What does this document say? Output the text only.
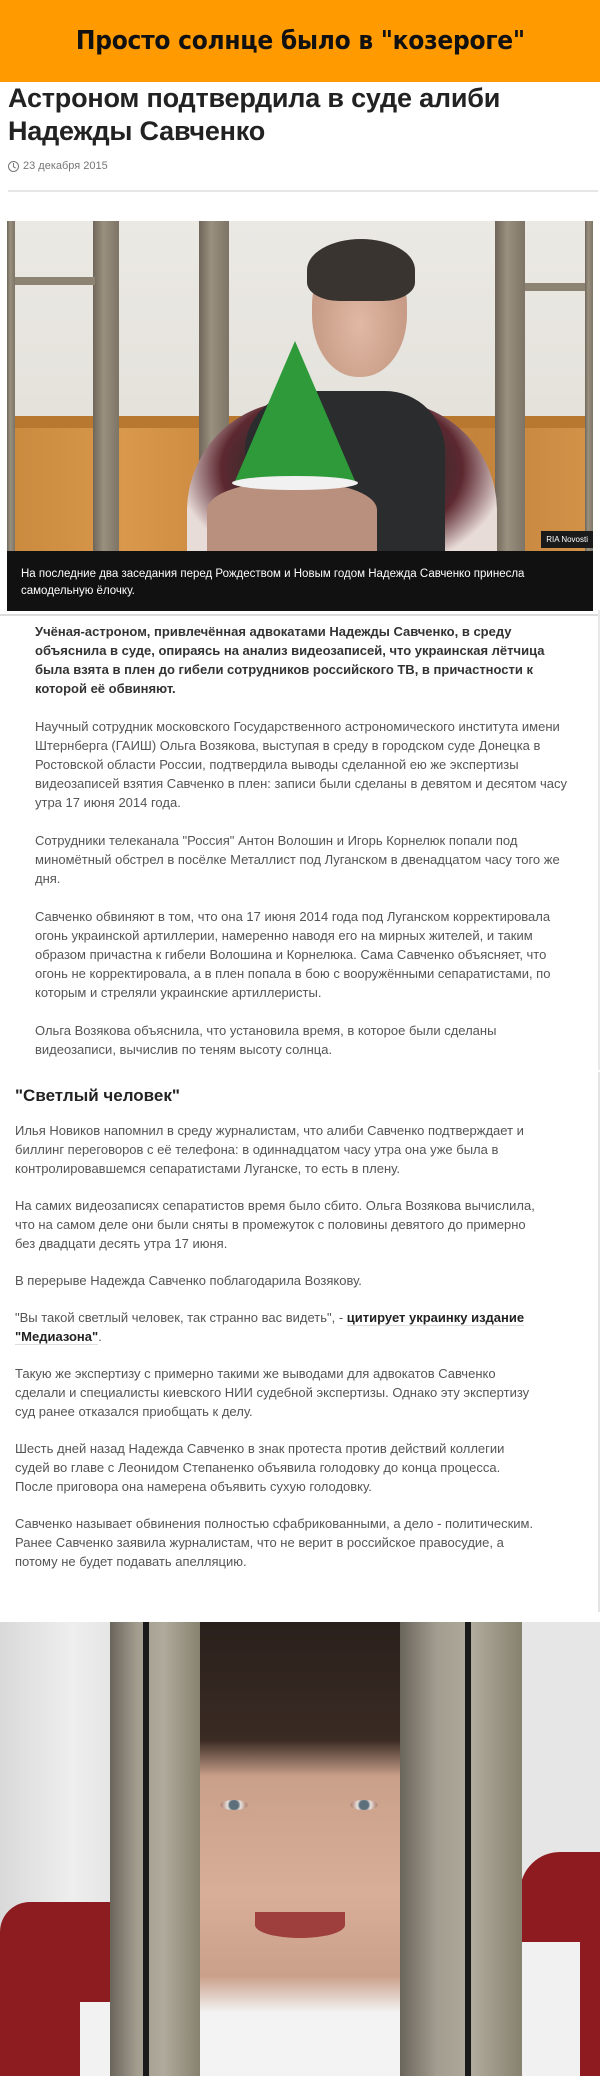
Просто солнце было в "козероге"
Астроном подтвердила в суде алиби Надежды Савченко
23 декабря 2015
RIA Novosti
На последние два заседания перед Рождеством и Новым годом Надежда Савченко принесла самодельную ёлочку.

Учёная-астроном, привлечённая адвокатами Надежды Савченко, в среду объяснила в суде, опираясь на анализ видеозаписей, что украинская лётчица была взята в плен до гибели сотрудников российского ТВ, в причастности к которой её обвиняют.

Научный сотрудник московского Государственного астрономического института имени Штернберга (ГАИШ) Ольга Возякова, выступая в среду в городском суде Донецка в Ростовской области России, подтвердила выводы сделанной ею же экспертизы видеозаписей взятия Савченко в плен: записи были сделаны в девятом и десятом часу утра 17 июня 2014 года.

Сотрудники телеканала "Россия" Антон Волошин и Игорь Корнелюк попали под миномётный обстрел в посёлке Металлист под Луганском в двенадцатом часу того же дня.

Савченко обвиняют в том, что она 17 июня 2014 года под Луганском корректировала огонь украинской артиллерии, намеренно наводя его на мирных жителей, и таким образом причастна к гибели Волошина и Корнелюка. Сама Савченко объясняет, что огонь не корректировала, а в плен попала в бою с вооружёнными сепаратистами, по которым и стреляли украинские артиллеристы.

Ольга Возякова объяснила, что установила время, в которое были сделаны видеозаписи, вычислив по теням высоту солнца.

"Светлый человек"

Илья Новиков напомнил в среду журналистам, что алиби Савченко подтверждает и биллинг переговоров с её телефона: в одиннадцатом часу утра она уже была в контролировавшемся сепаратистами Луганске, то есть в плену.

На самих видеозаписях сепаратистов время было сбито. Ольга Возякова вычислила, что на самом деле они были сняты в промежуток с половины девятого до примерно без двадцати десять утра 17 июня.

В перерыве Надежда Савченко поблагодарила Возякову.

"Вы такой светлый человек, так странно вас видеть", - цитирует украинку издание "Медиазона".

Такую же экспертизу с примерно такими же выводами для адвокатов Савченко сделали и специалисты киевского НИИ судебной экспертизы. Однако эту экспертизу суд ранее отказался приобщать к делу.

Шесть дней назад Надежда Савченко в знак протеста против действий коллегии судей во главе с Леонидом Степаненко объявила голодовку до конца процесса. После приговора она намерена объявить сухую голодовку.

Савченко называет обвинения полностью сфабрикованными, а дело - политическим. Ранее Савченко заявила журналистам, что не верит в российское правосудие, а потому не будет подавать апелляцию.
